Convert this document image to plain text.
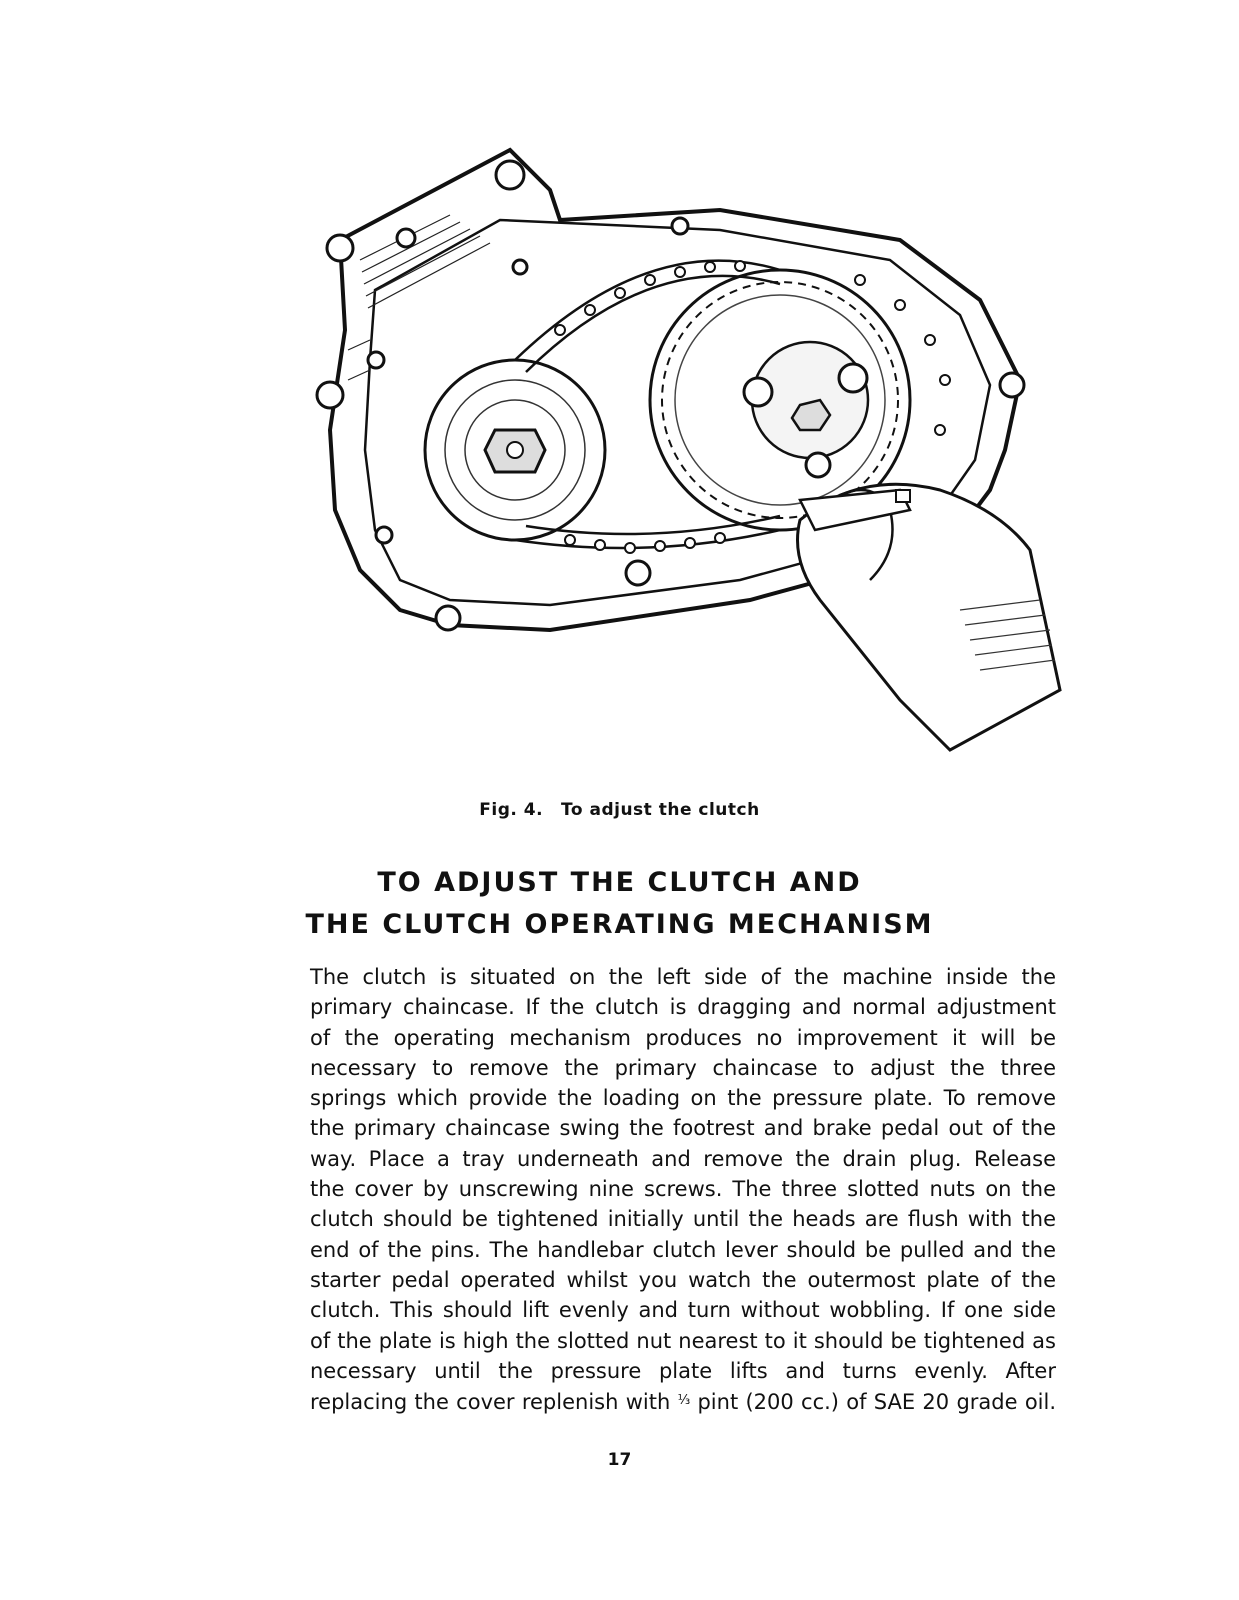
Fig. 4. To adjust the clutch
TO ADJUST THE CLUTCH AND
THE CLUTCH OPERATING MECHANISM
The clutch is situated on the left side of the machine inside the
primary chaincase. If the clutch is dragging and normal adjustment
of the operating mechanism produces no improvement it will be
necessary to remove the primary chaincase to adjust the three
springs which provide the loading on the pressure plate. To remove
the primary chaincase swing the footrest and brake pedal out of the
way. Place a tray underneath and remove the drain plug. Release
the cover by unscrewing nine screws. The three slotted nuts on the
clutch should be tightened initially until the heads are flush with the
end of the pins. The handlebar clutch lever should be pulled and the
starter pedal operated whilst you watch the outermost plate of the
clutch. This should lift evenly and turn without wobbling. If one side
of the plate is high the slotted nut nearest to it should be tightened as
necessary until the pressure plate lifts and turns evenly. After
replacing the cover replenish with $^{\frac{1}{3}}$ pint (200 cc.) of SAE 20 grade oil.
17
